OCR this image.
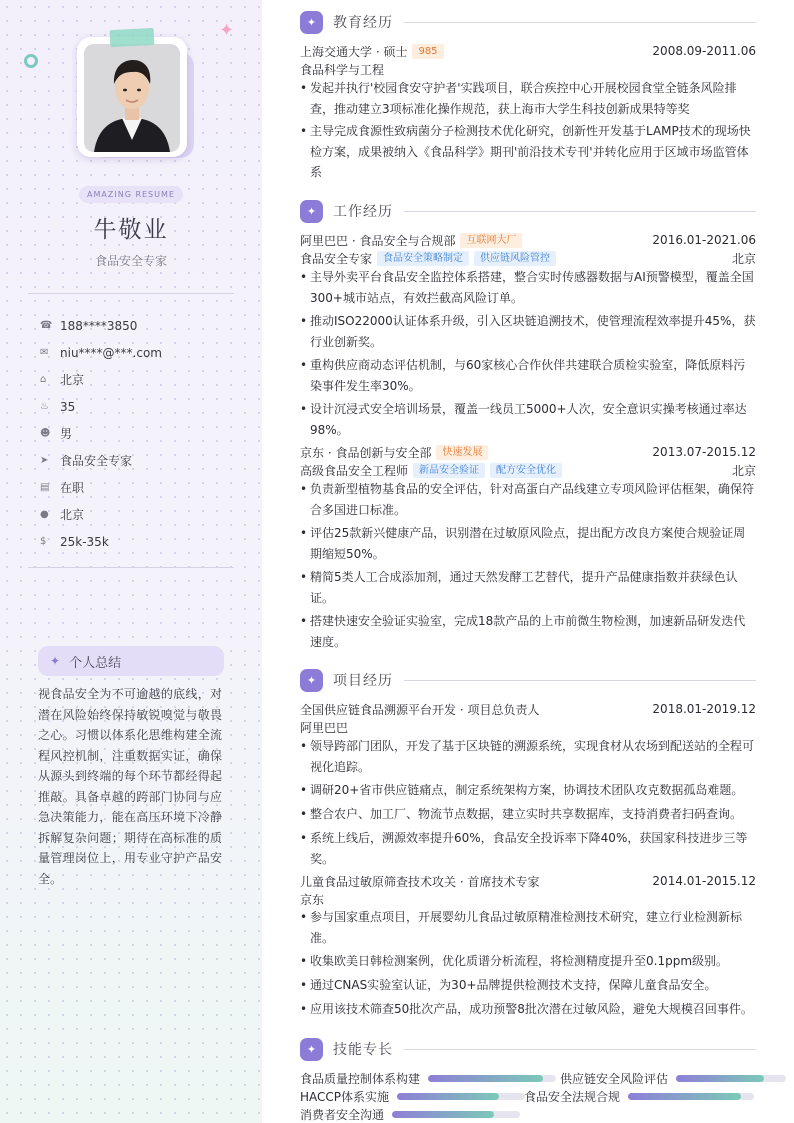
✦
AMAZING RESUME
牛敬业
食品安全专家
☎ 188****3850
✉ niu****@***.com
⌂	北京
♨ 35
☻ 男
➤ 食品安全专家
▤ 在职
● 北京
$	25k-35k
✦ 个人总结
视食品安全为不可逾越的底线，对潜在风险始终保持敏锐嗅觉与敬畏之心。习惯以体系化思维构建全流程风控机制，注重数据实证，确保从源头到终端的每个环节都经得起推敲。具备卓越的跨部门协同与应急决策能力，能在高压环境下冷静拆解复杂问题；期待在高标准的质量管理岗位上，用专业守护产品安全。
✦	教育经历
上海交通大学 · 硕士	985	2008.09-2011.06
食品科学与工程
• 发起并执行'校园食安守护者'实践项目，联合疾控中心开展校园食堂全链条风险排查，推动建立3项标准化操作规范，获上海市大学生科技创新成果特等奖
• 主导完成食源性致病菌分子检测技术优化研究，创新性开发基于LAMP技术的现场快检方案，成果被纳入《食品科学》期刊'前沿技术专刊'并转化应用于区域市场监管体系
✦	工作经历
阿里巴巴 · 食品安全与合规部	互联网大厂	2016.01-2021.06
食品安全专家	食品安全策略制定	供应链风险管控	北京
• 主导外卖平台食品安全监控体系搭建，整合实时传感器数据与AI预警模型，覆盖全国300+城市站点，有效拦截高风险订单。
• 推动ISO22000认证体系升级，引入区块链追溯技术，使管理流程效率提升45%，获行业创新奖。
• 重构供应商动态评估机制，与60家核心合作伙伴共建联合质检实验室，降低原料污染事件发生率30%。
• 设计沉浸式安全培训场景，覆盖一线员工5000+人次，安全意识实操考核通过率达98%。
京东 · 食品创新与安全部	快速发展	2013.07-2015.12
高级食品安全工程师	新品安全验证	配方安全优化	北京
• 负责新型植物基食品的安全评估，针对高蛋白产品线建立专项风险评估框架，确保符合多国进口标准。
• 评估25款新兴健康产品，识别潜在过敏原风险点，提出配方改良方案使合规验证周期缩短50%。
• 精简5类人工合成添加剂，通过天然发酵工艺替代，提升产品健康指数并获绿色认证。
• 搭建快速安全验证实验室，完成18款产品的上市前微生物检测，加速新品研发迭代速度。
✦	项目经历
全国供应链食品溯源平台开发 · 项目总负责人	2018.01-2019.12
阿里巴巴
• 领导跨部门团队，开发了基于区块链的溯源系统，实现食材从农场到配送站的全程可视化追踪。
• 调研20+省市供应链痛点，制定系统架构方案，协调技术团队攻克数据孤岛难题。
• 整合农户、加工厂、物流节点数据，建立实时共享数据库，支持消费者扫码查询。
• 系统上线后，溯源效率提升60%，食品安全投诉率下降40%，获国家科技进步三等奖。
儿童食品过敏原筛查技术攻关 · 首席技术专家	2014.01-2015.12
京东
• 参与国家重点项目，开展婴幼儿食品过敏原精准检测技术研究，建立行业检测新标准。
• 收集欧美日韩检测案例，优化质谱分析流程，将检测精度提升至0.1ppm级别。
• 通过CNAS实验室认证，为30+品牌提供检测技术支持，保障儿童食品安全。
• 应用该技术筛查50批次产品，成功预警8批次潜在过敏风险，避免大规模召回事件。
✦	技能专长
食品质量控制体系构建	供应链安全风险评估
HACCP体系实施	食品安全法规合规
消费者安全沟通
